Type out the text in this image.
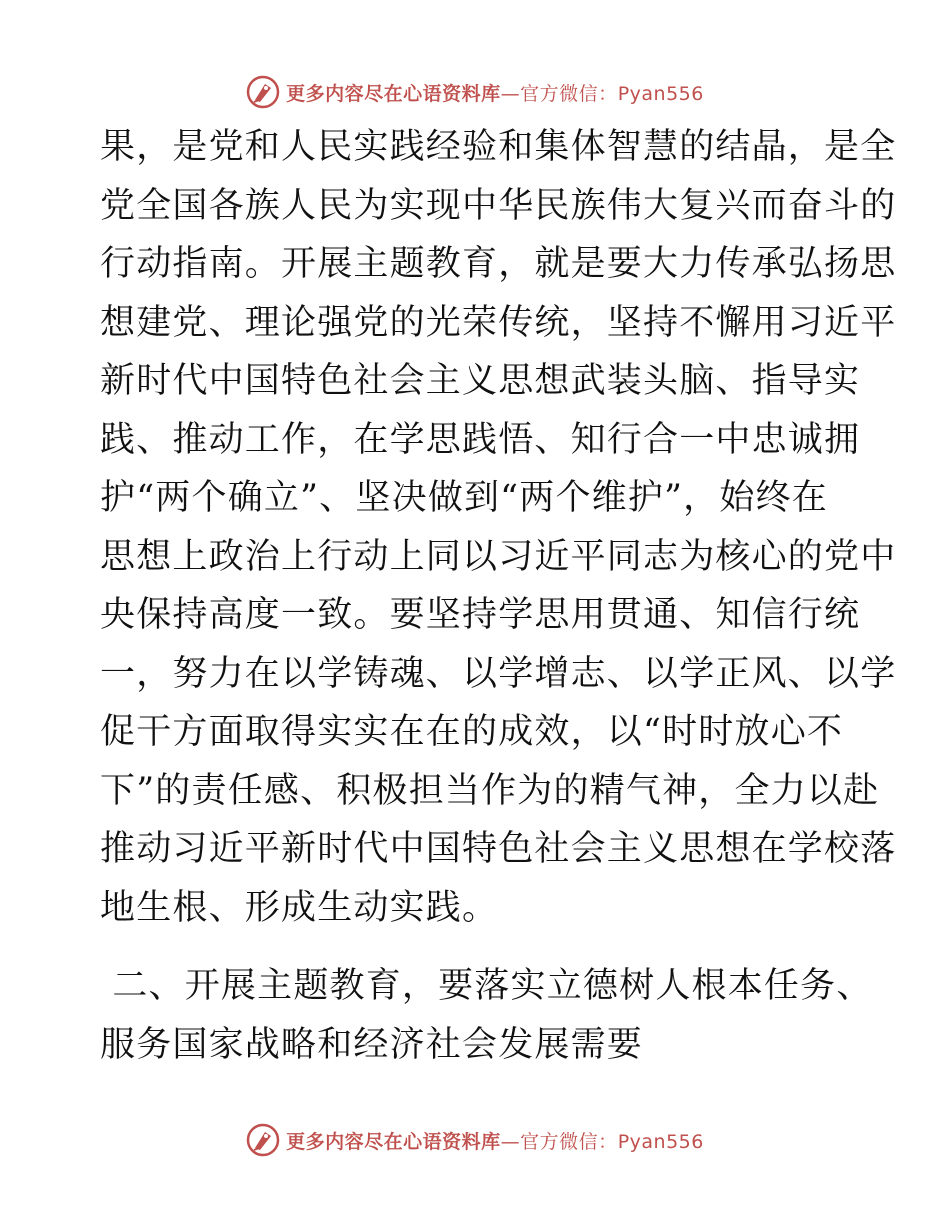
更多内容尽在心语资料库—官方微信：Pyan556

果，是党和人民实践经验和集体智慧的结晶，是全
党全国各族人民为实现中华民族伟大复兴而奋斗的
行动指南。开展主题教育，就是要大力传承弘扬思
想建党、理论强党的光荣传统，坚持不懈用习近平
新时代中国特色社会主义思想武装头脑、指导实
践、推动工作，在学思践悟、知行合一中忠诚拥
护“两个确立”、坚决做到“两个维护”，始终在
思想上政治上行动上同以习近平同志为核心的党中
央保持高度一致。要坚持学思用贯通、知信行统
一，努力在以学铸魂、以学增志、以学正风、以学
促干方面取得实实在在的成效，以“时时放心不
下”的责任感、积极担当作为的精气神，全力以赴
推动习近平新时代中国特色社会主义思想在学校落
地生根、形成生动实践。

二、开展主题教育，要落实立德树人根本任务、
服务国家战略和经济社会发展需要

更多内容尽在心语资料库—官方微信：Pyan556
